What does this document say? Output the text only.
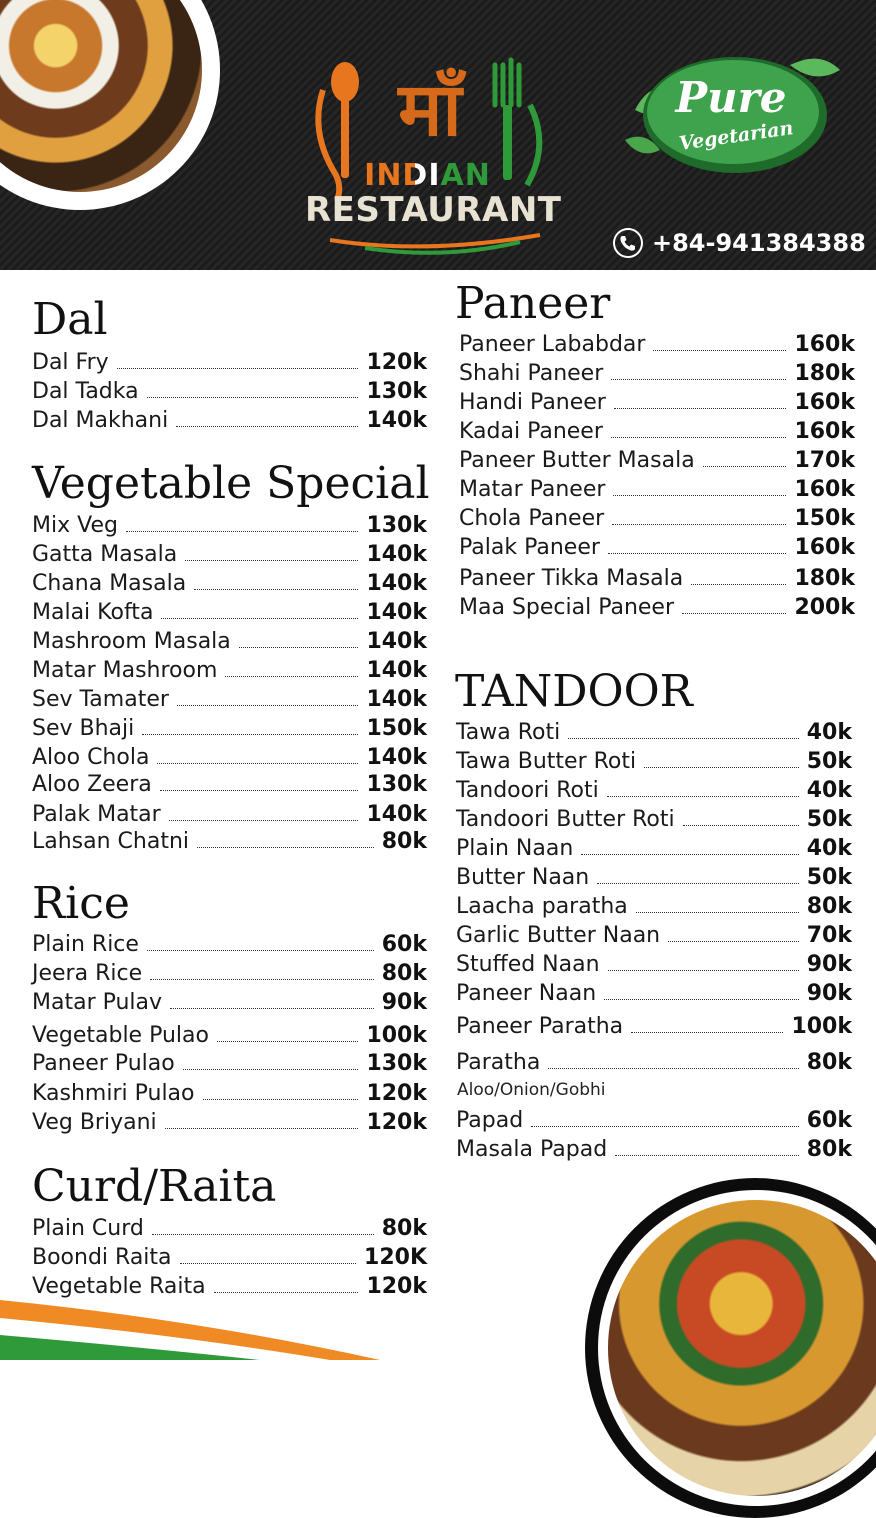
माँ
INDIAN
RESTAURANT
Pure
Vegetarian
+84-941384388
Dal
Dal Fry	120k
Dal Tadka	130k
Dal Makhani	140k
Vegetable Special
Mix Veg	130k
Gatta Masala	140k
Chana Masala	140k
Malai Kofta	140k
Mashroom Masala	140k
Matar Mashroom	140k
Sev Tamater	140k
Sev Bhaji	150k
Aloo Chola	140k
Aloo Zeera	130k
Palak Matar	140k
Lahsan Chatni	80k
Rice
Plain Rice	60k
Jeera Rice	80k
Matar Pulav	90k
Vegetable Pulao	100k
Paneer Pulao	130k
Kashmiri Pulao	120k
Veg Briyani	120k
Curd/Raita
Plain Curd	80k
Boondi Raita	120K
Vegetable Raita	120k
Paneer
Paneer Lababdar	160k
Shahi Paneer	180k
Handi Paneer	160k
Kadai Paneer	160k
Paneer Butter Masala	170k
Matar Paneer	160k
Chola Paneer	150k
Palak Paneer	160k
Paneer Tikka Masala	180k
Maa Special Paneer	200k
TANDOOR
Tawa Roti	40k
Tawa Butter Roti	50k
Tandoori Roti	40k
Tandoori Butter Roti	50k
Plain Naan	40k
Butter Naan	50k
Laacha paratha	80k
Garlic Butter Naan	70k
Stuffed Naan	90k
Paneer Naan	90k
Paneer Paratha	100k
Paratha	80k
Papad	60k
Masala Papad	80k
Aloo/Onion/Gobhi
